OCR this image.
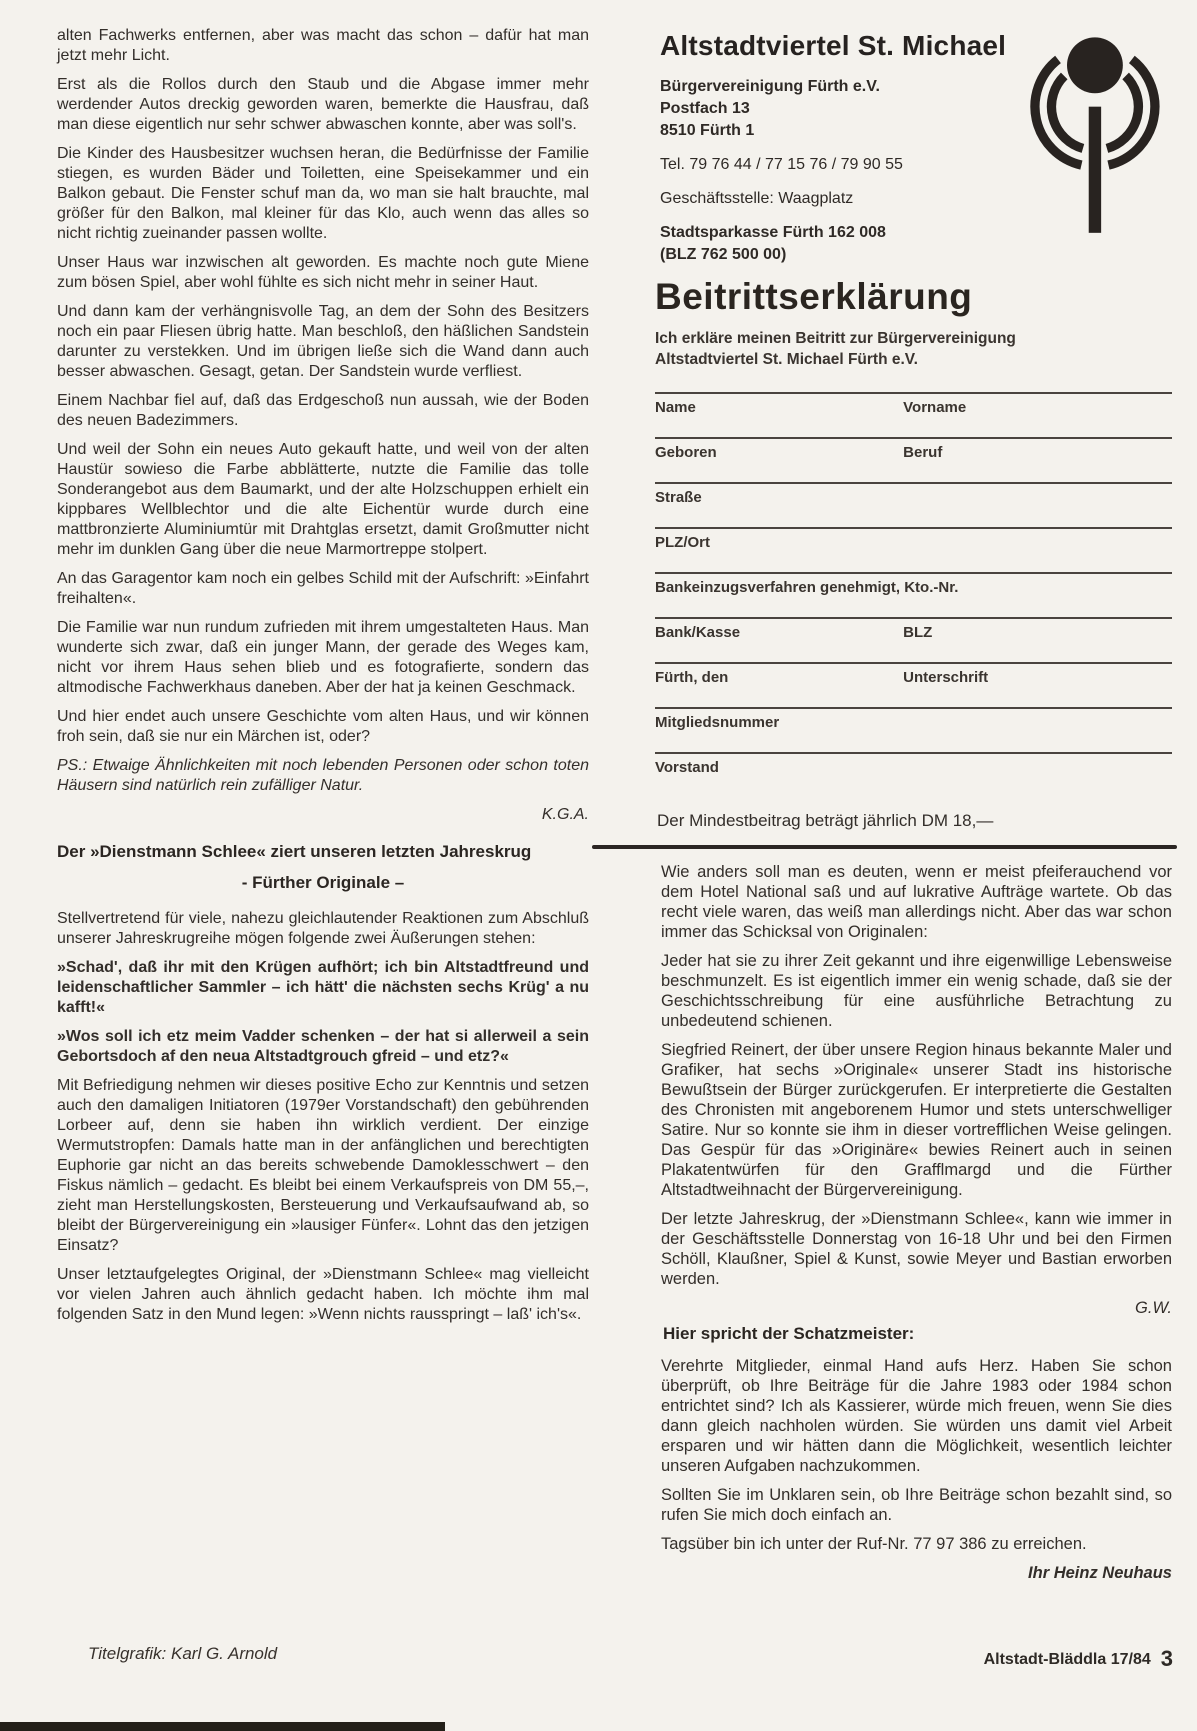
alten Fachwerks entfernen, aber was macht das schon – dafür hat man jetzt mehr Licht.

Erst als die Rollos durch den Staub und die Abgase immer mehr werdender Autos dreckig geworden waren, bemerkte die Hausfrau, daß man diese eigentlich nur sehr schwer abwaschen konnte, aber was soll's.

Die Kinder des Hausbesitzer wuchsen heran, die Bedürfnisse der Familie stiegen, es wurden Bäder und Toiletten, eine Speisekammer und ein Balkon gebaut. Die Fenster schuf man da, wo man sie halt brauchte, mal größer für den Balkon, mal kleiner für das Klo, auch wenn das alles so nicht richtig zueinander passen wollte.

Unser Haus war inzwischen alt geworden. Es machte noch gute Miene zum bösen Spiel, aber wohl fühlte es sich nicht mehr in seiner Haut.

Und dann kam der verhängnisvolle Tag, an dem der Sohn des Besitzers noch ein paar Fliesen übrig hatte. Man beschloß, den häßlichen Sandstein darunter zu verstekken. Und im übrigen ließe sich die Wand dann auch besser abwaschen. Gesagt, getan. Der Sandstein wurde verfliest.

Einem Nachbar fiel auf, daß das Erdgeschoß nun aussah, wie der Boden des neuen Badezimmers.

Und weil der Sohn ein neues Auto gekauft hatte, und weil von der alten Haustür sowieso die Farbe abblätterte, nutzte die Familie das tolle Sonderangebot aus dem Baumarkt, und der alte Holzschuppen erhielt ein kippbares Wellblechtor und die alte Eichentür wurde durch eine mattbronzierte Aluminiumtür mit Drahtglas ersetzt, damit Großmutter nicht mehr im dunklen Gang über die neue Marmortreppe stolpert.

An das Garagentor kam noch ein gelbes Schild mit der Aufschrift: »Einfahrt freihalten«.

Die Familie war nun rundum zufrieden mit ihrem umgestalteten Haus. Man wunderte sich zwar, daß ein junger Mann, der gerade des Weges kam, nicht vor ihrem Haus sehen blieb und es fotografierte, sondern das altmodische Fachwerkhaus daneben. Aber der hat ja keinen Geschmack.

Und hier endet auch unsere Geschichte vom alten Haus, und wir können froh sein, daß sie nur ein Märchen ist, oder?

PS.: Etwaige Ähnlichkeiten mit noch lebenden Personen oder schon toten Häusern sind natürlich rein zufälliger Natur.

K.G.A.
Der »Dienstmann Schlee« ziert unseren letzten Jahreskrug
- Fürther Originale –

Stellvertretend für viele, nahezu gleichlautender Reaktionen zum Abschluß unserer Jahreskrugreihe mögen folgende zwei Äußerungen stehen:

»Schad', daß ihr mit den Krügen aufhört; ich bin Altstadtfreund und leidenschaftlicher Sammler – ich hätt' die nächsten sechs Krüg' a nu kafft!«

»Wos soll ich etz meim Vadder schenken – der hat si allerweil a sein Gebortsdoch af den neua Altstadtgrouch gfreid – und etz?«

Mit Befriedigung nehmen wir dieses positive Echo zur Kenntnis und setzen auch den damaligen Initiatoren (1979er Vorstandschaft) den gebührenden Lorbeer auf, denn sie haben ihn wirklich verdient. Der einzige Wermutstropfen: Damals hatte man in der anfänglichen und berechtigten Euphorie gar nicht an das bereits schwebende Damoklesschwert – den Fiskus nämlich – gedacht. Es bleibt bei einem Verkaufspreis von DM 55,–, zieht man Herstellungskosten, Bersteuerung und Verkaufsaufwand ab, so bleibt der Bürgervereinigung ein »lausiger Fünfer«. Lohnt das den jetzigen Einsatz?

Unser letztaufgelegtes Original, der »Dienstmann Schlee« mag vielleicht vor vielen Jahren auch ähnlich gedacht haben. Ich möchte ihm mal folgenden Satz in den Mund legen: »Wenn nichts rausspringt – laß' ich's«.

Altstadtviertel St. Michael
Bürgervereinigung Fürth e.V.
Postfach 13
8510 Fürth 1
Tel. 79 76 44 / 77 15 76 / 79 90 55
Geschäftsstelle: Waagplatz
Stadtsparkasse Fürth 162 008
(BLZ 762 500 00)
Beitrittserklärung
Ich erkläre meinen Beitritt zur Bürgervereinigung
Altstadtviertel St. Michael Fürth e.V.
Name	Vorname
Geboren	Beruf
Straße
PLZ/Ort
Bankeinzugsverfahren genehmigt, Kto.-Nr.
Bank/Kasse	BLZ
Fürth, den	Unterschrift
Mitgliedsnummer
Vorstand

Der Mindestbeitrag beträgt jährlich DM 18,—

Wie anders soll man es deuten, wenn er meist pfeiferauchend vor dem Hotel National saß und auf lukrative Aufträge wartete. Ob das recht viele waren, das weiß man allerdings nicht. Aber das war schon immer das Schicksal von Originalen:

Jeder hat sie zu ihrer Zeit gekannt und ihre eigenwillige Lebensweise beschmunzelt. Es ist eigentlich immer ein wenig schade, daß sie der Geschichtsschreibung für eine ausführliche Betrachtung zu unbedeutend schienen.

Siegfried Reinert, der über unsere Region hinaus bekannte Maler und Grafiker, hat sechs »Originale« unserer Stadt ins historische Bewußtsein der Bürger zurückgerufen. Er interpretierte die Gestalten des Chronisten mit angeborenem Humor und stets unterschwelliger Satire. Nur so konnte sie ihm in dieser vortrefflichen Weise gelingen. Das Gespür für das »Originäre« bewies Reinert auch in seinen Plakatentwürfen für den Grafflmargd und die Fürther Altstadtweihnacht der Bürgervereinigung.

Der letzte Jahreskrug, der »Dienstmann Schlee«, kann wie immer in der Geschäftsstelle Donnerstag von 16-18 Uhr und bei den Firmen Schöll, Klaußner, Spiel & Kunst, sowie Meyer und Bastian erworben werden.

G.W.
Hier spricht der Schatzmeister:

Verehrte Mitglieder, einmal Hand aufs Herz. Haben Sie schon überprüft, ob Ihre Beiträge für die Jahre 1983 oder 1984 schon entrichtet sind? Ich als Kassierer, würde mich freuen, wenn Sie dies dann gleich nachholen würden. Sie würden uns damit viel Arbeit ersparen und wir hätten dann die Möglichkeit, wesentlich leichter unseren Aufgaben nachzukommen.

Sollten Sie im Unklaren sein, ob Ihre Beiträge schon bezahlt sind, so rufen Sie mich doch einfach an.

Tagsüber bin ich unter der Ruf-Nr. 77 97 386 zu erreichen.

Ihr Heinz Neuhaus
Titelgrafik: Karl G. Arnold	Altstadt-Bläddla 17/84 3
